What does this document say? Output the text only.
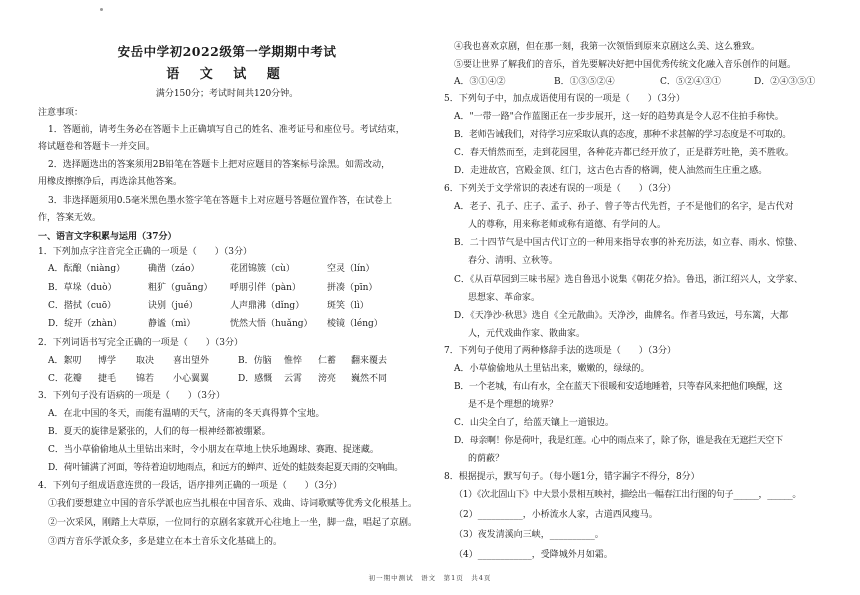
安岳中学初2022级第一学期期中考试
语 文 试 题
满分150分；考试时间共120分钟。
注意事项：
1．答题前，请考生务必在答题卡上正确填写自己的姓名、准考证号和座位号。考试结束，
将试题卷和答题卡一并交回。
2．选择题选出的答案须用2B铅笔在答题卡上把对应题目的答案标号涂黑。如需改动，
用橡皮擦擦净后，再选涂其他答案。
3．非选择题须用0.5毫米黑色墨水签字笔在答题卡上对应题号答题位置作答，在试卷上
作，答案无效。
一、语言文字积累与运用（37分）
1．下列加点字注音完全正确的一项是（　　）（3分）
A．酝酿（niàng）	确凿（záo）	花团锦簇（cù）	空灵（lín）
B．草垛（duò）	粗犷（guǎng） 呼朋引伴（pàn）	拼凑（pīn）
C．揩拭（cuō）	诀别（jué）	人声鼎沸（dǐng）	斑笑（lì）
D．绽开（zhàn）	静谧（mì）	恍然大悟（huǎng） 棱镜（léng）
2．下列词语书写完全正确的一项是（　　）（3分）
A．絮叨 博学 取决 喜出望外	B．仿脑 惟悴 仁蓄 翻来覆去
C．花瓣 捷毛 锦若 小心翼翼	D．感慨 云霄 滂亮 巍然不同
3．下列句子没有语病的一项是（　　）（3分）
A．在北中国的冬天，而能有温晴的天气，济南的冬天真得算个宝地。
B．夏天的旋律是紧张的，人们的每一根神经都被绷紧。
C．当小草偷偷地从土里钻出来时，令小朋友在草地上快乐地踢球、赛跑、捉迷藏。
D．荷叶铺满了河面，等待着迫切地雨点，和远方的蝉声、近处的蛙鼓奏起夏天雨的交响曲。
4．下列句子组成语意连贯的一段话，语序排列正确的一项是（　　）（3分）
①我们要想建立中国的音乐学派也应当扎根在中国音乐、戏曲、诗词歌赋等优秀文化根基上。
②一次采风，刚踏上大草原，一位同行的京剧名家就开心往地上一坐，脚一盘，唱起了京剧。
③西方音乐学派众多，多是建立在本土音乐文化基础上的。
④我也喜欢京剧，但在那一刻，我第一次领悟到原来京剧这么美、这么雅致。
⑤要让世界了解我们的音乐，首先要解决好把中国优秀传统文化融入音乐创作的问题。
A．③①④②	B．①③⑤②④	C．⑤②④③①	D．②④③⑤①
5．下列句子中，加点成语使用有误的一项是（　　）（3分）
A．"一带一路"合作蓝图正在一步步展开，这一好的趋势真是令人忍不住拍手称快。
B．老师告诫我们，对待学习应采取认真的态度，那种不求甚解的学习态度是不可取的。
C．春天悄然而至，走到花园里，各种花卉都已经开放了，正是群芳吐艳，美不胜收。
D．走进故宫，宫殿金顶、红门，这古色古香的格调，使人油然而生庄重之感。
6．下列关于文学常识的表述有误的一项是（　　）（3分）
A．老子、孔子、庄子、孟子、孙子、曾子等古代先哲，子不是他们的名字，是古代对
人的尊称，用来称老师或称有道德、有学问的人。
B．二十四节气是中国古代订立的一种用来指导农事的补充历法，如立春、雨水、惊蛰、
春分、清明、立秋等。
C．《从百草园到三味书屋》选自鲁迅小说集《朝花夕拾》。鲁迅，浙江绍兴人，文学家、
思想家、革命家。
D．《天净沙·秋思》选自《全元散曲》。天净沙，曲牌名。作者马致远，号东篱，大都
人，元代戏曲作家、散曲家。
7．下列句子使用了两种修辞手法的选项是（　　）（3分）
A．小草偷偷地从土里钻出来，嫩嫩的，绿绿的。
B．一个老城，有山有水，全在蓝天下很暖和安适地睡着，只等春风来把他们唤醒，这
是不是个理想的境界？
C．山尖全白了，给蓝天镶上一道银边。
D．母亲啊！你是荷叶，我是红莲。心中的雨点来了，除了你，谁是我在无遮拦天空下
的荫蔽？
8．根据提示，默写句子。（每小题1分，错字漏字不得分，8分）
（1）《次北固山下》中大景小景相互映衬，描绘出一幅春江出行图的句子______，______。
（2）__________，小桥流水人家，古道西风瘦马。
（3）夜发清溪向三峡，__________。
（4）____________，受降城外月如霜。
初一期中测试　语文　第1页　共4页
